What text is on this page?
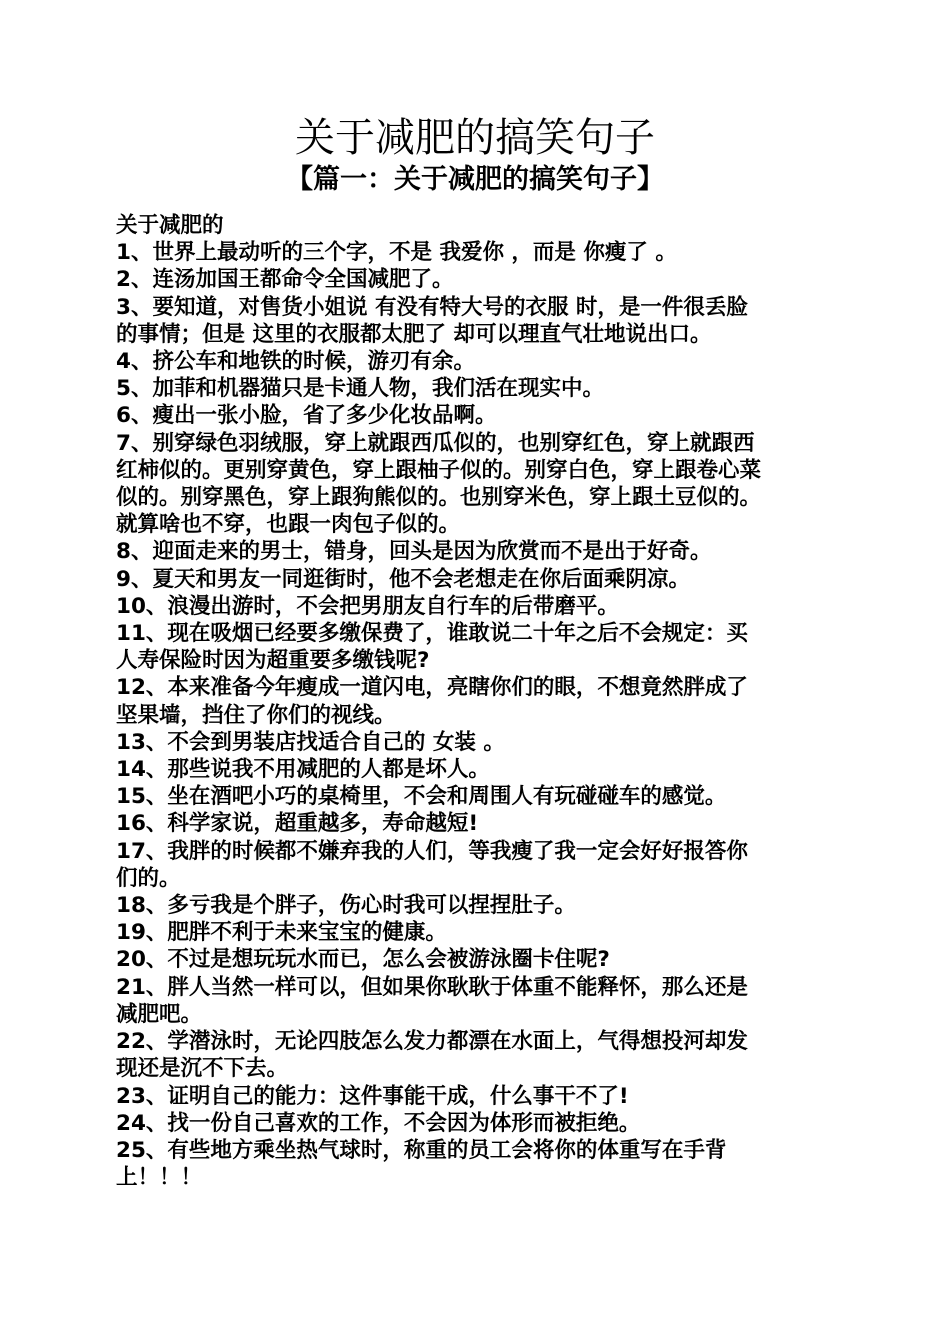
关于减肥的搞笑句子
【篇一：关于减肥的搞笑句子】
关于减肥的
1、世界上最动听的三个字，不是 我爱你 ，而是 你瘦了 。
2、连汤加国王都命令全国减肥了。
3、要知道，对售货小姐说 有没有特大号的衣服 时，是一件很丢脸
的事情；但是 这里的衣服都太肥了 却可以理直气壮地说出口。
4、挤公车和地铁的时候，游刃有余。
5、加菲和机器猫只是卡通人物，我们活在现实中。
6、瘦出一张小脸，省了多少化妆品啊。
7、别穿绿色羽绒服，穿上就跟西瓜似的，也别穿红色，穿上就跟西
红柿似的。更别穿黄色，穿上跟柚子似的。别穿白色，穿上跟卷心菜
似的。别穿黑色，穿上跟狗熊似的。也别穿米色，穿上跟土豆似的。
就算啥也不穿，也跟一肉包子似的。
8、迎面走来的男士，错身，回头是因为欣赏而不是出于好奇。
9、夏天和男友一同逛街时，他不会老想走在你后面乘阴凉。
10、浪漫出游时，不会把男朋友自行车的后带磨平。
11、现在吸烟已经要多缴保费了，谁敢说二十年之后不会规定：买
人寿保险时因为超重要多缴钱呢?
12、本来准备今年瘦成一道闪电，亮瞎你们的眼，不想竟然胖成了
坚果墙，挡住了你们的视线。
13、不会到男装店找适合自己的 女装 。
14、那些说我不用减肥的人都是坏人。
15、坐在酒吧小巧的桌椅里，不会和周围人有玩碰碰车的感觉。
16、科学家说，超重越多，寿命越短!
17、我胖的时候都不嫌弃我的人们，等我瘦了我一定会好好报答你
们的。
18、多亏我是个胖子，伤心时我可以捏捏肚子。
19、肥胖不利于未来宝宝的健康。
20、不过是想玩玩水而已，怎么会被游泳圈卡住呢?
21、胖人当然一样可以，但如果你耿耿于体重不能释怀，那么还是
减肥吧。
22、学潜泳时，无论四肢怎么发力都漂在水面上，气得想投河却发
现还是沉不下去。
23、证明自己的能力：这件事能干成，什么事干不了!
24、找一份自己喜欢的工作，不会因为体形而被拒绝。
25、有些地方乘坐热气球时，称重的员工会将你的体重写在手背
上！！！
